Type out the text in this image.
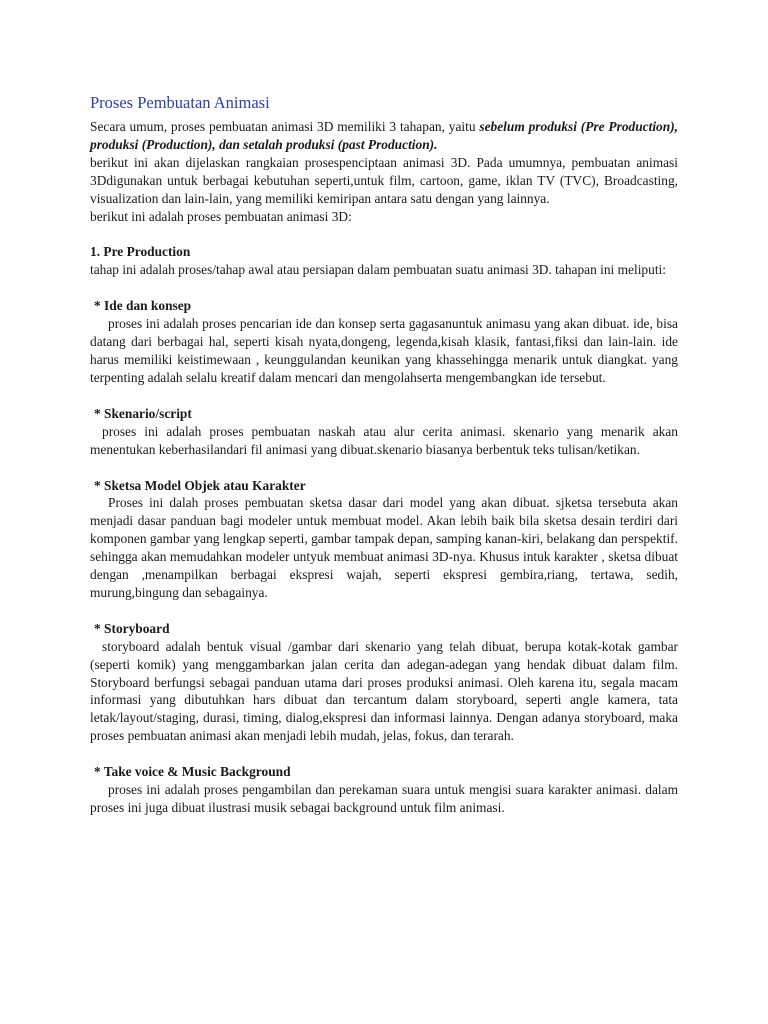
Proses Pembuatan Animasi

Secara umum, proses pembuatan animasi 3D memiliki 3 tahapan, yaitu sebelum produksi (Pre Production), produksi (Production), dan setalah produksi (past Production).

berikut ini akan dijelaskan rangkaian prosespenciptaan animasi 3D. Pada umumnya, pembuatan animasi 3Ddigunakan untuk berbagai kebutuhan seperti,untuk film, cartoon, game, iklan TV (TVC), Broadcasting, visualization dan lain-lain, yang memiliki kemiripan antara satu dengan yang lainnya.

berikut ini adalah proses pembuatan animasi 3D:

1. Pre Production

tahap ini adalah proses/tahap awal atau persiapan dalam pembuatan suatu animasi 3D. tahapan ini meliputi:

* Ide dan konsep

proses ini adalah proses pencarian ide dan konsep serta gagasanuntuk animasu yang akan dibuat. ide, bisa datang dari berbagai hal, seperti kisah nyata,dongeng, legenda,kisah klasik, fantasi,fiksi dan lain-lain. ide harus memiliki keistimewaan , keunggulandan keunikan yang khassehingga menarik untuk diangkat. yang terpenting adalah selalu kreatif dalam mencari dan mengolahserta mengembangkan ide tersebut.

* Skenario/script

proses ini adalah proses pembuatan naskah atau alur cerita animasi. skenario yang menarik akan menentukan keberhasilandari fil animasi yang dibuat.skenario biasanya berbentuk teks tulisan/ketikan.

* Sketsa Model Objek atau Karakter

Proses ini dalah proses pembuatan sketsa dasar dari model yang akan dibuat. sjketsa tersebuta akan menjadi dasar panduan bagi modeler untuk membuat model. Akan lebih baik bila sketsa desain terdiri dari komponen gambar yang lengkap seperti, gambar tampak depan, samping kanan-kiri, belakang dan perspektif. sehingga akan memudahkan modeler untyuk membuat animasi 3D-nya. Khusus intuk karakter , sketsa dibuat dengan ,menampilkan berbagai ekspresi wajah, seperti ekspresi gembira,riang, tertawa, sedih, murung,bingung dan sebagainya.

* Storyboard

storyboard adalah bentuk visual /gambar dari skenario yang telah dibuat, berupa kotak-kotak gambar (seperti komik) yang menggambarkan jalan cerita dan adegan-adegan yang hendak dibuat dalam film. Storyboard berfungsi sebagai panduan utama dari proses produksi animasi. Oleh karena itu, segala macam informasi yang dibutuhkan hars dibuat dan tercantum dalam storyboard, seperti angle kamera, tata letak/layout/staging, durasi, timing, dialog,ekspresi dan informasi lainnya. Dengan adanya storyboard, maka proses pembuatan animasi akan menjadi lebih mudah, jelas, fokus, dan terarah.

* Take voice & Music Background

proses ini adalah proses pengambilan dan perekaman suara untuk mengisi suara karakter animasi. dalam proses ini juga dibuat ilustrasi musik sebagai background untuk film animasi.
